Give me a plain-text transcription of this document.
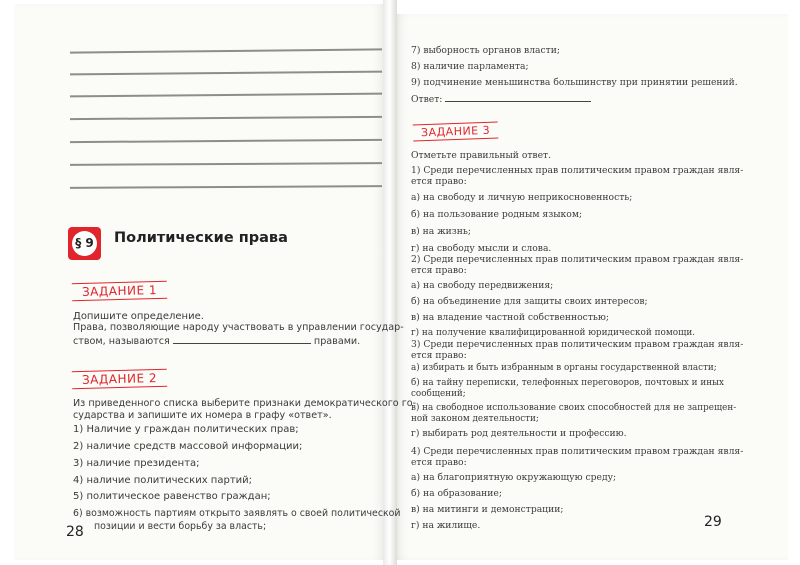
§ 9 Политические права
ЗАДАНИЕ 1
Допишите определение.
Права, позволяющие народу участвовать в управлении государ-
ством, называются	правами.
ЗАДАНИЕ 2
Из приведенного списка выберите признаки демократического го-
сударства и запишите их номера в графу «ответ».
1) Наличие у граждан политических прав;
2) наличие средств массовой информации;
3) наличие президента;
4) наличие политических партий;
5) политическое равенство граждан;
6) возможность партиям открыто заявлять о своей политической
позиции и вести борьбу за власть;
28
7) выборность органов власти;
8) наличие парламента;
9) подчинение меньшинства большинству при принятии решений.
Ответ:
ЗАДАНИЕ 3
Отметьте правильный ответ.
1) Среди перечисленных прав политическим правом граждан явля-
ется право:
а) на свободу и личную неприкосновенность;
б) на пользование родным языком;
в) на жизнь;
г) на свободу мысли и слова.
2) Среди перечисленных прав политическим правом граждан явля-
ется право:
а) на свободу передвижения;
б) на объединение для защиты своих интересов;
в) на владение частной собственностью;
г) на получение квалифицированной юридической помощи.
3) Среди перечисленных прав политическим правом граждан явля-
ется право:
а) избирать и быть избранным в органы государственной власти;
б) на тайну переписки, телефонных переговоров, почтовых и иных
сообщений;
в) на свободное использование своих способностей для не запрещен-
ной законом деятельности;
г) выбирать род деятельности и профессию.
4) Среди перечисленных прав политическим правом граждан явля-
ется право:
а) на благоприятную окружающую среду;
б) на образование;
в) на митинги и демонстрации;
г) на жилище.	29
